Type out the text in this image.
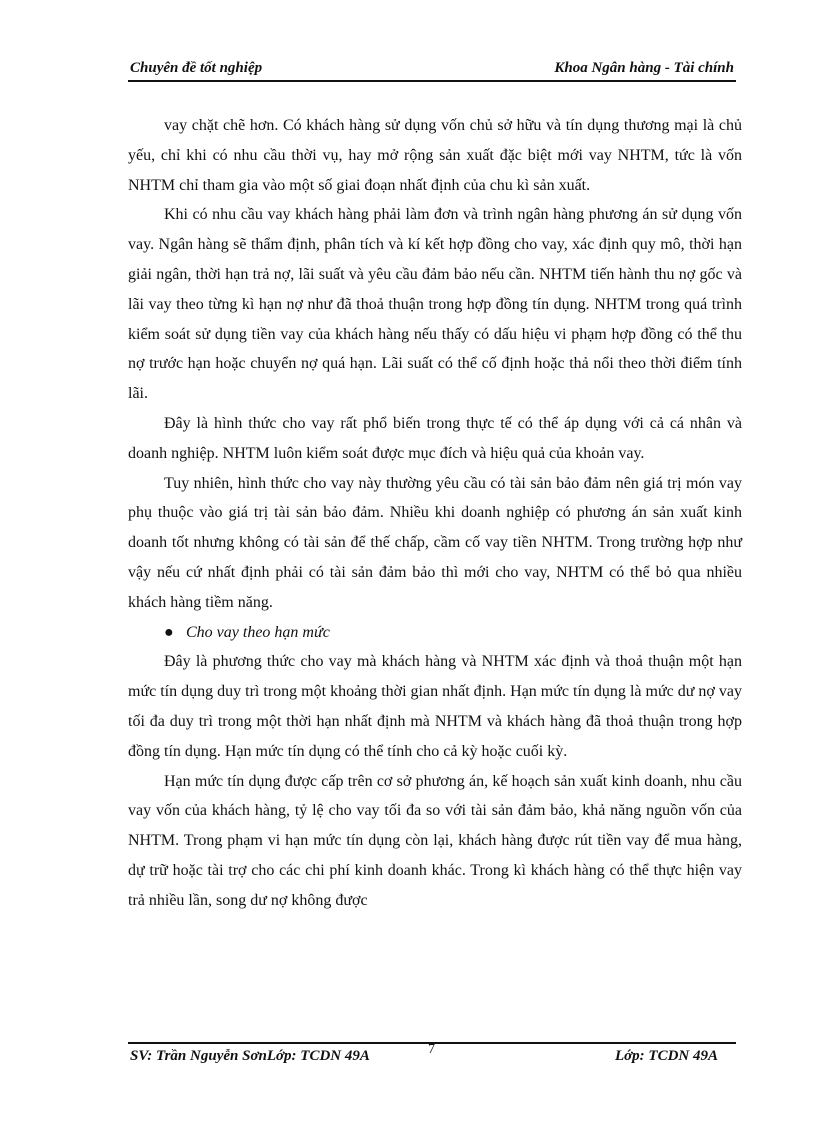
Chuyên đề tốt nghiệp	Khoa Ngân hàng - Tài chính

vay chặt chẽ hơn. Có khách hàng sử dụng vốn chủ sở hữu và tín dụng thương mại là chủ yếu, chỉ khi có nhu cầu thời vụ, hay mở rộng sản xuất đặc biệt mới vay NHTM, tức là vốn NHTM chỉ tham gia vào một số giai đoạn nhất định của chu kì sản xuất.

Khi có nhu cầu vay khách hàng phải làm đơn và trình ngân hàng phương án sử dụng vốn vay. Ngân hàng sẽ thẩm định, phân tích và kí kết hợp đồng cho vay, xác định quy mô, thời hạn giải ngân, thời hạn trả nợ, lãi suất và yêu cầu đảm bảo nếu cần. NHTM tiến hành thu nợ gốc và lãi vay theo từng kì hạn nợ như đã thoả thuận trong hợp đồng tín dụng. NHTM trong quá trình kiểm soát sử dụng tiền vay của khách hàng nếu thấy có dấu hiệu vi phạm hợp đồng có thể thu nợ trước hạn hoặc chuyển nợ quá hạn. Lãi suất có thể cố định hoặc thả nổi theo thời điểm tính lãi.

Đây là hình thức cho vay rất phổ biến trong thực tế có thể áp dụng với cả cá nhân và doanh nghiệp. NHTM luôn kiểm soát được mục đích và hiệu quả của khoản vay.

Tuy nhiên, hình thức cho vay này thường yêu cầu có tài sản bảo đảm nên giá trị món vay phụ thuộc vào giá trị tài sản bảo đảm. Nhiều khi doanh nghiệp có phương án sản xuất kinh doanh tốt nhưng không có tài sản để thế chấp, cầm cố vay tiền NHTM. Trong trường hợp như vậy nếu cứ nhất định phải có tài sản đảm bảo thì mới cho vay, NHTM có thể bỏ qua nhiều khách hàng tiềm năng.

● Cho vay theo hạn mức

Đây là phương thức cho vay mà khách hàng và NHTM xác định và thoả thuận một hạn mức tín dụng duy trì trong một khoảng thời gian nhất định. Hạn mức tín dụng là mức dư nợ vay tối đa duy trì trong một thời hạn nhất định mà NHTM và khách hàng đã thoả thuận trong hợp đồng tín dụng. Hạn mức tín dụng có thể tính cho cả kỳ hoặc cuối kỳ.

Hạn mức tín dụng được cấp trên cơ sở phương án, kế hoạch sản xuất kinh doanh, nhu cầu vay vốn của khách hàng, tỷ lệ cho vay tối đa so với tài sản đảm bảo, khả năng nguồn vốn của NHTM. Trong phạm vi hạn mức tín dụng còn lại, khách hàng được rút tiền vay để mua hàng, dự trữ hoặc tài trợ cho các chi phí kinh doanh khác. Trong kì khách hàng có thể thực hiện vay trả nhiều lần, song dư nợ không được

SV: Trần Nguyễn SơnLớp: TCDN 49A	7	Lớp: TCDN 49A
